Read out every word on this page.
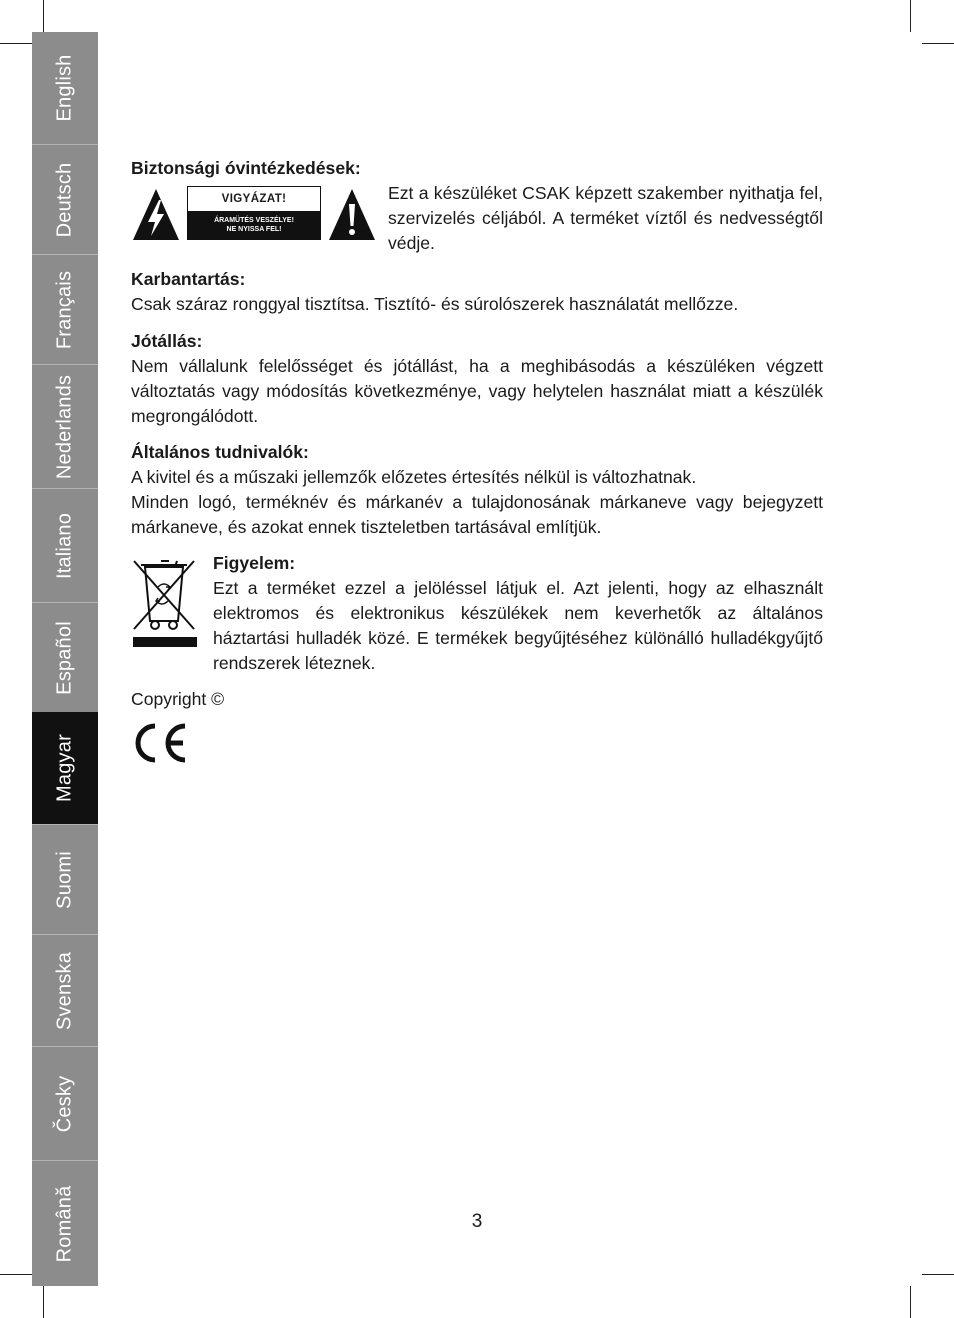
English
Deutsch
Français
Nederlands
Italiano
Español
Magyar
Suomi
Svenska
Česky
Română
Biztonsági óvintézkedések:
VIGYÁZAT!
ÁRAMÜTÉS VESZÉLYE!
NE NYISSA FEL!
Ezt a készüléket CSAK képzett szakember nyithatja fel, szervizelés céljából. A terméket víztől és nedvességtől védje.
Karbantartás:
Csak száraz ronggyal tisztítsa. Tisztító- és súrolószerek használatát mellőzze.
Jótállás:
Nem vállalunk felelősséget és jótállást, ha a meghibásodás a készüléken végzett változtatás vagy módosítás következménye, vagy helytelen használat miatt a készülék megrongálódott.
Általános tudnivalók:
A kivitel és a műszaki jellemzők előzetes értesítés nélkül is változhatnak.
Minden logó, terméknév és márkanév a tulajdonosának márkaneve vagy bejegyzett márkaneve, és azokat ennek tiszteletben tartásával említjük.
Figyelem:
Ezt a terméket ezzel a jelöléssel látjuk el. Azt jelenti, hogy az elhasznált elektromos és elektronikus készülékek nem keverhetők az általános háztartási hulladék közé. E termékek begyűjtéséhez különálló hulladékgyűjtő rendszerek léteznek.
Copyright ©
3
